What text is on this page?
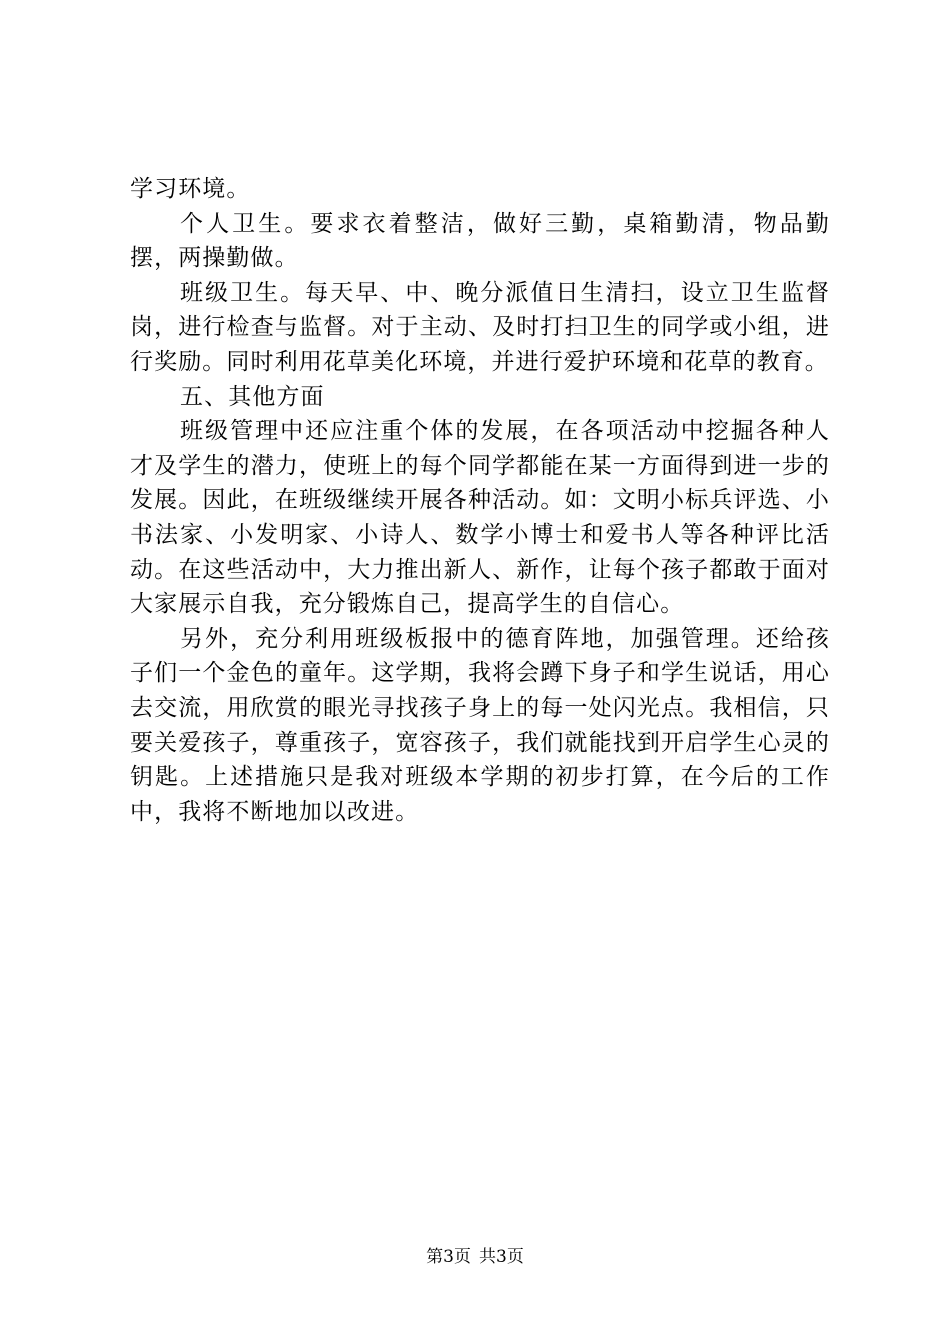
学习环境。

个人卫生。要求衣着整洁，做好三勤，桌箱勤清，物品勤摆，两操勤做。

班级卫生。每天早、中、晚分派值日生清扫，设立卫生监督岗，进行检查与监督。对于主动、及时打扫卫生的同学或小组，进行奖励。同时利用花草美化环境，并进行爱护环境和花草的教育。

五、其他方面

班级管理中还应注重个体的发展，在各项活动中挖掘各种人才及学生的潜力，使班上的每个同学都能在某一方面得到进一步的发展。因此，在班级继续开展各种活动。如：文明小标兵评选、小书法家、小发明家、小诗人、数学小博士和爱书人等各种评比活动。在这些活动中，大力推出新人、新作，让每个孩子都敢于面对大家展示自我，充分锻炼自己，提高学生的自信心。

另外，充分利用班级板报中的德育阵地，加强管理。还给孩子们一个金色的童年。这学期，我将会蹲下身子和学生说话，用心去交流，用欣赏的眼光寻找孩子身上的每一处闪光点。我相信，只要关爱孩子，尊重孩子，宽容孩子，我们就能找到开启学生心灵的钥匙。上述措施只是我对班级本学期的初步打算，在今后的工作中，我将不断地加以改进。

第3页 共3页
